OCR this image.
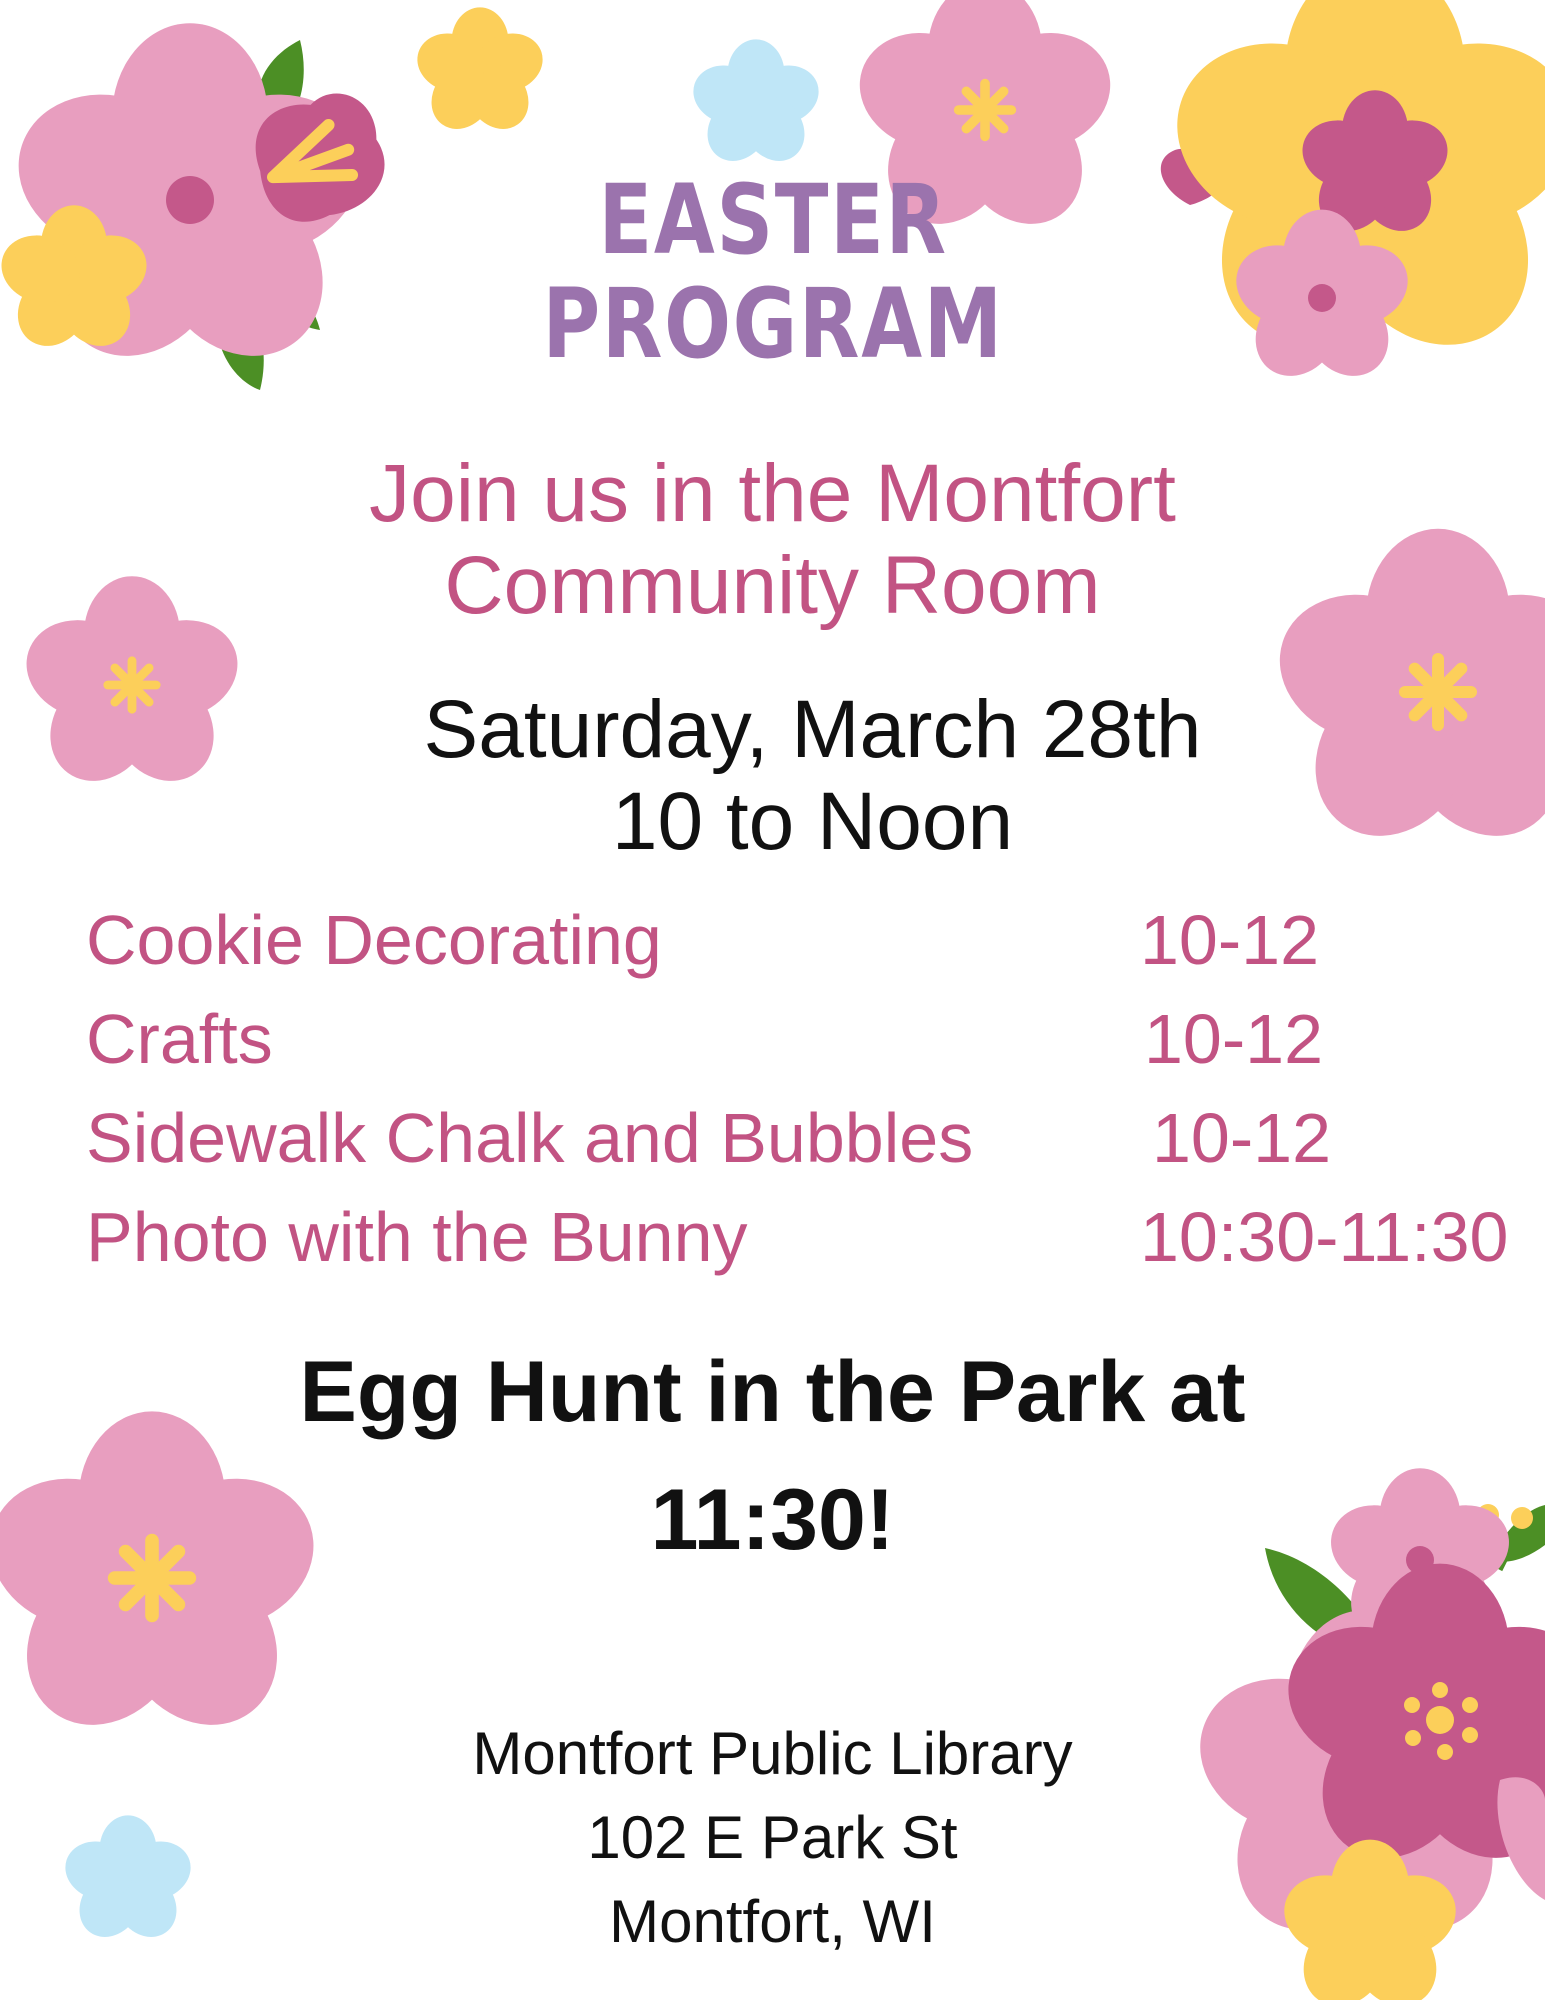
EASTER
PROGRAM
Join us in the Montfort
Community Room
Saturday, March 28th
10 to Noon
Cookie Decorating	10-12
Crafts	10-12
Sidewalk Chalk and Bubbles	10-12
Photo with the Bunny	10:30-11:30
Egg Hunt in the Park at
11:30!
Montfort Public Library
102 E Park St
Montfort, WI
